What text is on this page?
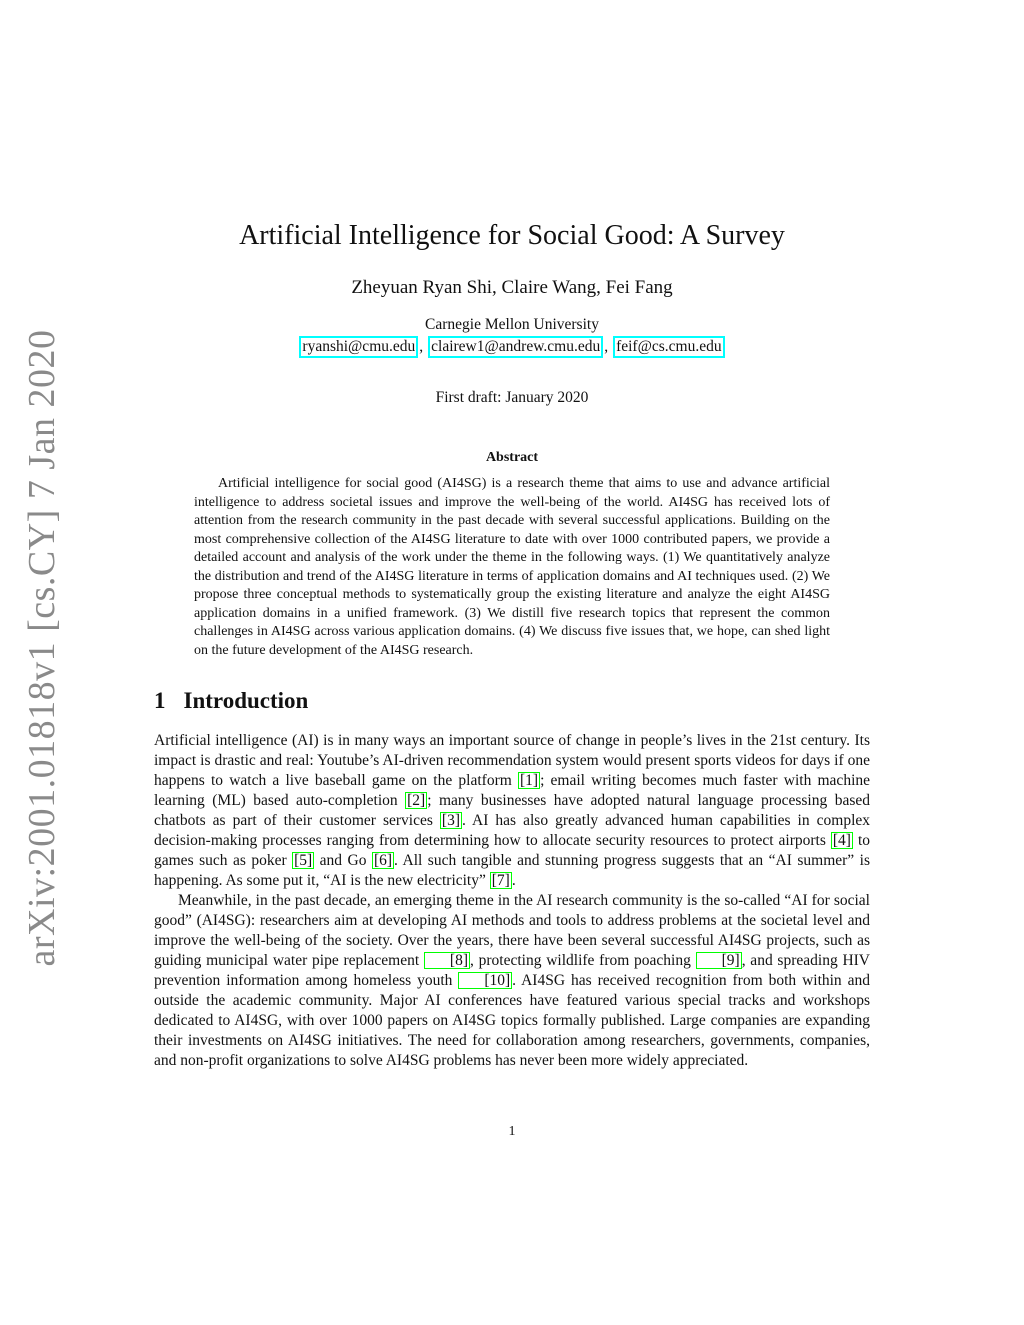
arXiv:2001.01818v1 [cs.CY] 7 Jan 2020
Artificial Intelligence for Social Good: A Survey
Zheyuan Ryan Shi, Claire Wang, Fei Fang
Carnegie Mellon University
ryanshi@cmu.edu , clairew1@andrew.cmu.edu , feif@cs.cmu.edu
First draft: January 2020
Abstract

Artificial intelligence for social good (AI4SG) is a research theme that aims to use and advance artificial intelligence to address societal issues and improve the well-being of the world. AI4SG has received lots of attention from the research community in the past decade with several successful applications. Building on the most comprehensive collection of the AI4SG literature to date with over 1000 contributed papers, we provide a detailed account and analysis of the work under the theme in the following ways. (1) We quantitatively analyze the distribution and trend of the AI4SG literature in terms of application domains and AI techniques used. (2) We propose three conceptual methods to systematically group the existing literature and analyze the eight AI4SG application domains in a unified framework. (3) We distill five research topics that represent the common challenges in AI4SG across various application domains. (4) We discuss five issues that, we hope, can shed light on the future development of the AI4SG research.

1 Introduction

Artificial intelligence (AI) is in many ways an important source of change in people’s lives in the 21st century. Its impact is drastic and real: Youtube’s AI-driven recommendation system would present sports videos for days if one happens to watch a live baseball game on the platform [1] ; email writing becomes much faster with machine learning (ML) based auto-completion [2] ; many businesses have adopted natural language processing based chatbots as part of their customer services [3] . AI has also greatly advanced human capabilities in complex decision-making processes ranging from determining how to allocate security resources to protect airports [4] to games such as poker [5] and Go [6] . All such tangible and stunning progress suggests that an “AI summer” is happening. As some put it, “AI is the new electricity” [7] .

Meanwhile, in the past decade, an emerging theme in the AI research community is the so-called “AI for social good” (AI4SG): researchers aim at developing AI methods and tools to address problems at the societal level and improve the well-being of the society. Over the years, there have been several successful AI4SG projects, such as guiding municipal water pipe replacement [8] , protecting wildlife from poaching [9] , and spreading HIV prevention information among homeless youth [10] . AI4SG has received recognition from both within and outside the academic community. Major AI conferences have featured various special tracks and workshops dedicated to AI4SG, with over 1000 papers on AI4SG topics formally published. Large companies are expanding their investments on AI4SG initiatives. The need for collaboration among researchers, governments, companies, and non-profit organizations to solve AI4SG problems has never been more widely appreciated.

1
